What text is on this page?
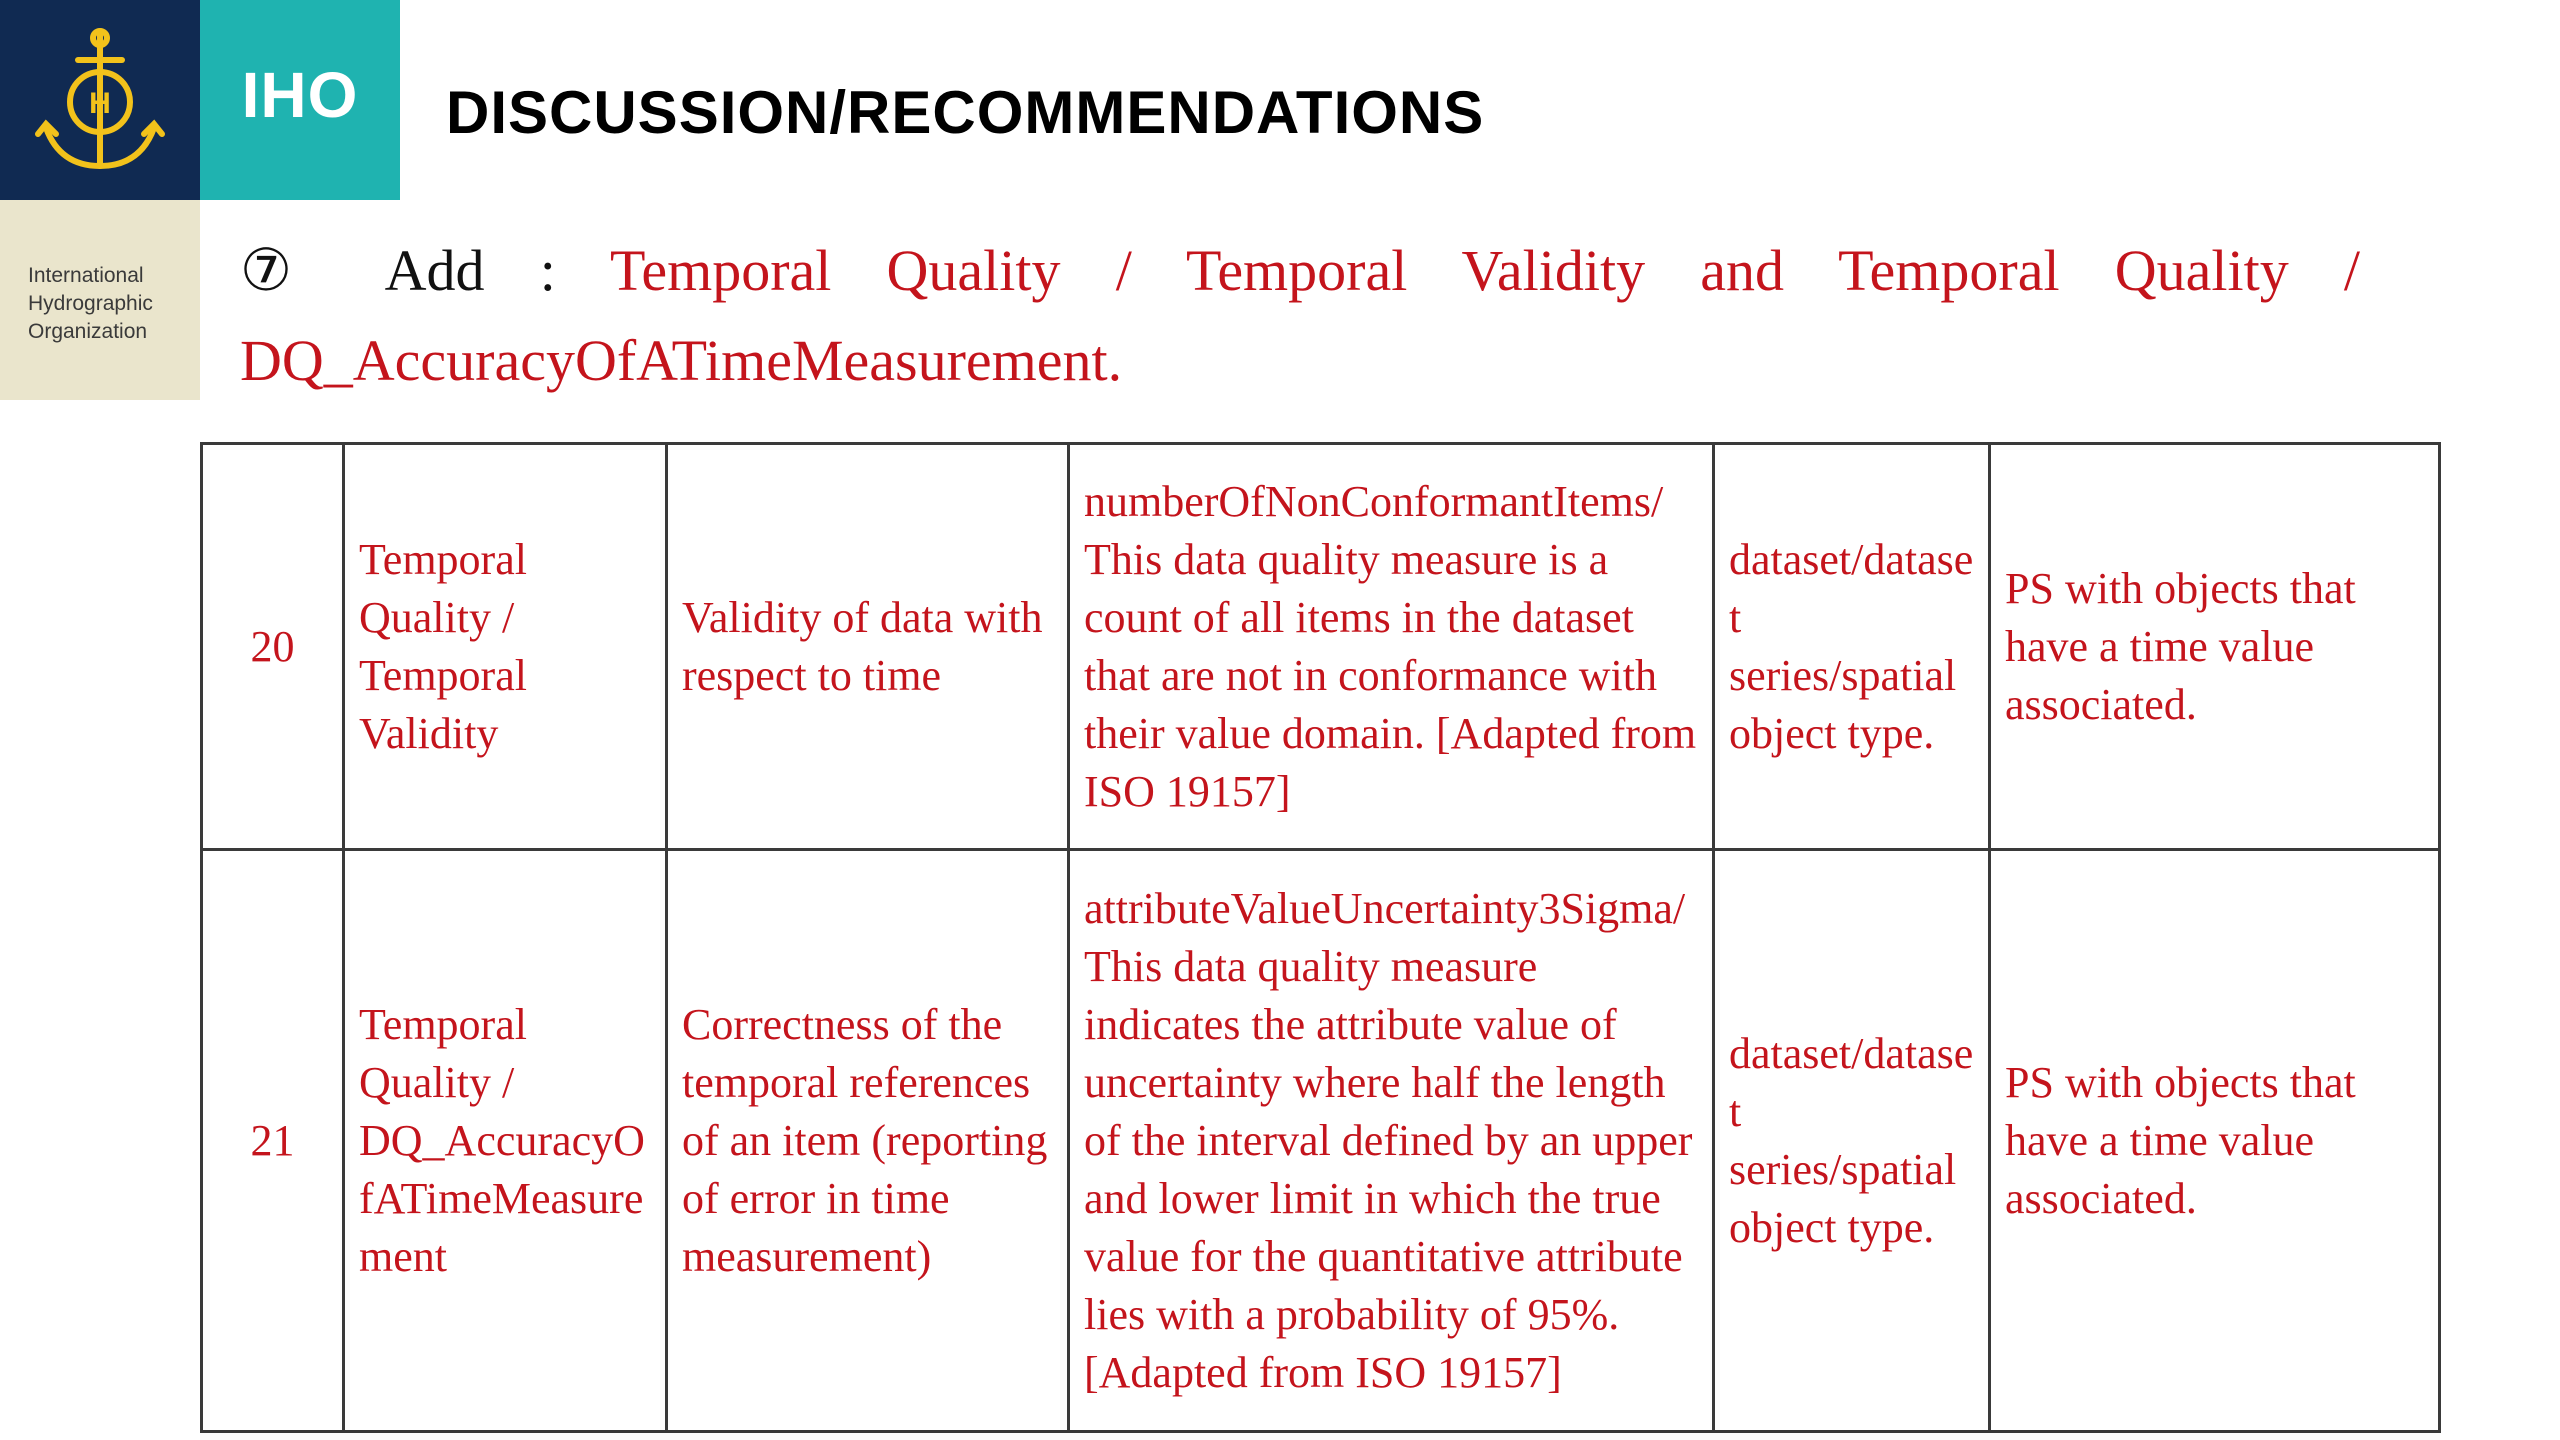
H	IHO
International
Hydrographic
Organization
DISCUSSION/RECOMMENDATIONS
⑦ Add : Temporal Quality / Temporal Validity and Temporal Quality / DQ_AccuracyOfATimeMeasurement.
20	Temporal Quality / Temporal Validity	Validity of data with respect to time	numberOfNonConformantItems/ This data quality measure is a count of all items in the dataset that are not in conformance with their value domain. [Adapted from ISO 19157]	dataset/dataset series/spatial object type.	PS with objects that have a time value associated.
21	Temporal Quality / DQ_AccuracyOfATimeMeasurement	Correctness of the temporal references of an item (reporting of error in time measurement)	attributeValueUncertainty3Sigma/ This data quality measure indicates the attribute value of uncertainty where half the length of the interval defined by an upper and lower limit in which the true value for the quantitative attribute lies with a probability of 95%. [Adapted from ISO 19157]	dataset/dataset series/spatial object type.	PS with objects that have a time value associated.
